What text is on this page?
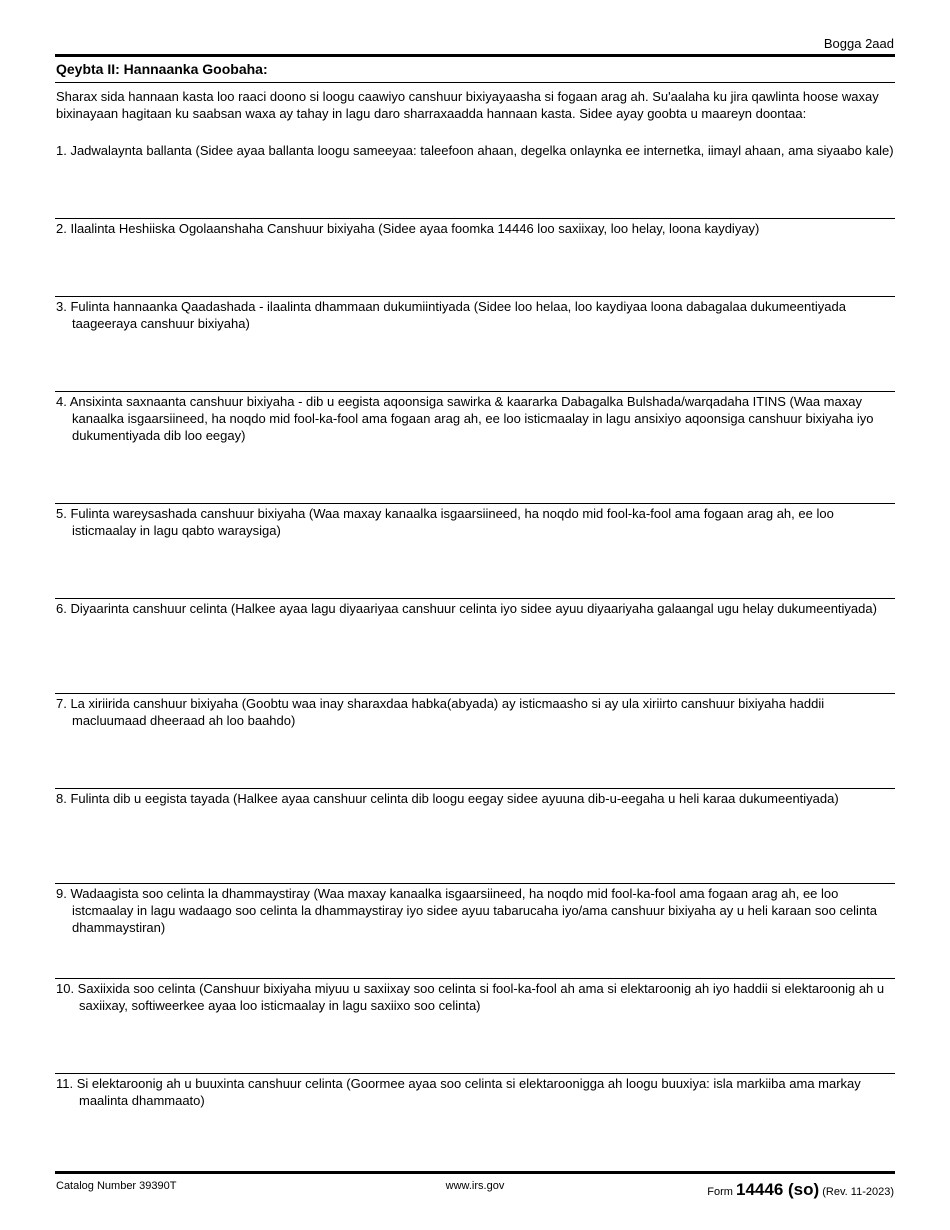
Bogga 2aad
Qeybta II: Hannaanka Goobaha:
Sharax sida hannaan kasta loo raaci doono si loogu caawiyo canshuur bixiyayaasha si fogaan arag ah. Su'aalaha ku jira qawlinta hoose waxay bixinayaan hagitaan ku saabsan waxa ay tahay in lagu daro sharraxaadda hannaan kasta. Sidee ayay goobta u maareyn doontaa:
1. Jadwalaynta ballanta (Sidee ayaa ballanta loogu sameeyaa: taleefoon ahaan, degelka onlaynka ee internetka, iimayl ahaan, ama siyaabo kale)
2. Ilaalinta Heshiiska Ogolaanshaha Canshuur bixiyaha (Sidee ayaa foomka 14446 loo saxiixay, loo helay, loona kaydiyay)
3. Fulinta hannaanka Qaadashada - ilaalinta dhammaan dukumiintiyada (Sidee loo helaa, loo kaydiyaa loona dabagalaa dukumeentiyada taageeraya canshuur bixiyaha)
4. Ansixinta saxnaanta canshuur bixiyaha - dib u eegista aqoonsiga sawirka & kaararka Dabagalka Bulshada/warqadaha ITINS (Waa maxay kanaalka isgaarsiineed, ha noqdo mid fool-ka-fool ama fogaan arag ah, ee loo isticmaalay in lagu ansixiyo aqoonsiga canshuur bixiyaha iyo dukumentiyada dib loo eegay)
5. Fulinta wareysashada canshuur bixiyaha (Waa maxay kanaalka isgaarsiineed, ha noqdo mid fool-ka-fool ama fogaan arag ah, ee loo isticmaalay in lagu qabto waraysiga)
6. Diyaarinta canshuur celinta (Halkee ayaa lagu diyaariyaa canshuur celinta iyo sidee ayuu diyaariyaha galaangal ugu helay dukumeentiyada)
7. La xiriirida canshuur bixiyaha (Goobtu waa inay sharaxdaa habka(abyada) ay isticmaasho si ay ula xiriirto canshuur bixiyaha haddii macluumaad dheeraad ah loo baahdo)
8. Fulinta dib u eegista tayada (Halkee ayaa canshuur celinta dib loogu eegay sidee ayuuna dib-u-eegaha u heli karaa dukumeentiyada)
9. Wadaagista soo celinta la dhammaystiray (Waa maxay kanaalka isgaarsiineed, ha noqdo mid fool-ka-fool ama fogaan arag ah, ee loo istcmaalay in lagu wadaago soo celinta la dhammaystiray iyo sidee ayuu tabarucaha iyo/ama canshuur bixiyaha ay u heli karaan soo celinta dhammaystiran)
10. Saxiixida soo celinta (Canshuur bixiyaha miyuu u saxiixay soo celinta si fool-ka-fool ah ama si elektaroonig ah iyo haddii si elektaroonig ah u saxiixay, softiweerkee ayaa loo isticmaalay in lagu saxiixo soo celinta)
11. Si elektaroonig ah u buuxinta canshuur celinta (Goormee ayaa soo celinta si elektaroonigga ah loogu buuxiya: isla markiiba ama markay maalinta dhammaato)
Catalog Number 39390T	www.irs.gov	Form 14446 (so) (Rev. 11-2023)
